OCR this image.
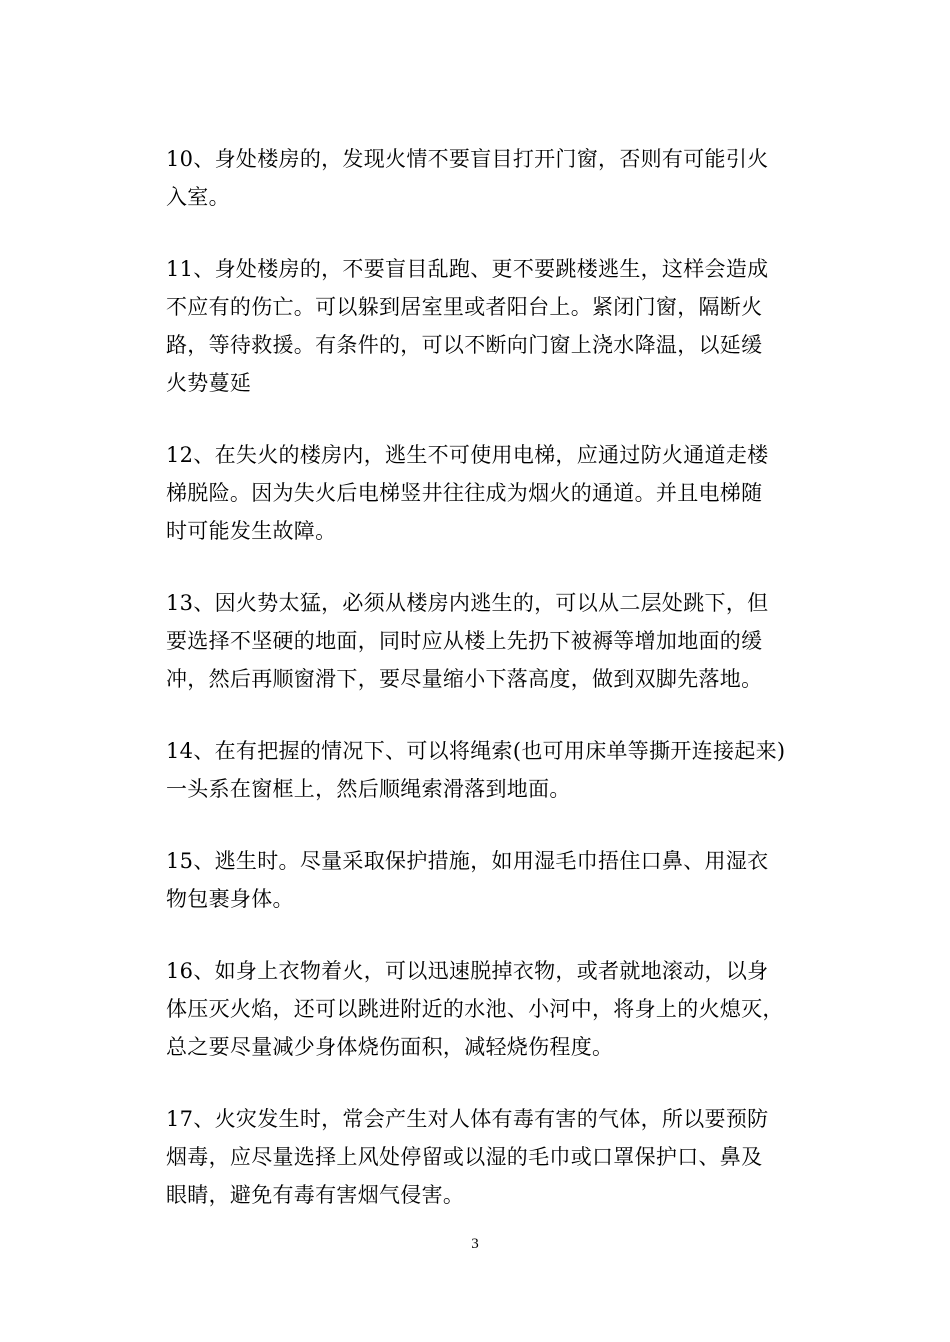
10、身处楼房的，发现火情不要盲目打开门窗，否则有可能引火
入室。
11、身处楼房的，不要盲目乱跑、更不要跳楼逃生，这样会造成
不应有的伤亡。可以躲到居室里或者阳台上。紧闭门窗，隔断火
路，等待救援。有条件的，可以不断向门窗上浇水降温，以延缓
火势蔓延
12、在失火的楼房内，逃生不可使用电梯，应通过防火通道走楼
梯脱险。因为失火后电梯竖井往往成为烟火的通道。并且电梯随
时可能发生故障。
13、因火势太猛，必须从楼房内逃生的，可以从二层处跳下，但
要选择不坚硬的地面，同时应从楼上先扔下被褥等增加地面的缓
冲，然后再顺窗滑下，要尽量缩小下落高度，做到双脚先落地。
14、在有把握的情况下、可以将绳索(也可用床单等撕开连接起来)
一头系在窗框上，然后顺绳索滑落到地面。
15、逃生时。尽量采取保护措施，如用湿毛巾捂住口鼻、用湿衣
物包裹身体。
16、如身上衣物着火，可以迅速脱掉衣物，或者就地滚动，以身
体压灭火焰，还可以跳进附近的水池、小河中，将身上的火熄灭，
总之要尽量减少身体烧伤面积，减轻烧伤程度。
17、火灾发生时，常会产生对人体有毒有害的气体，所以要预防
烟毒，应尽量选择上风处停留或以湿的毛巾或口罩保护口、鼻及
眼睛，避免有毒有害烟气侵害。
3
